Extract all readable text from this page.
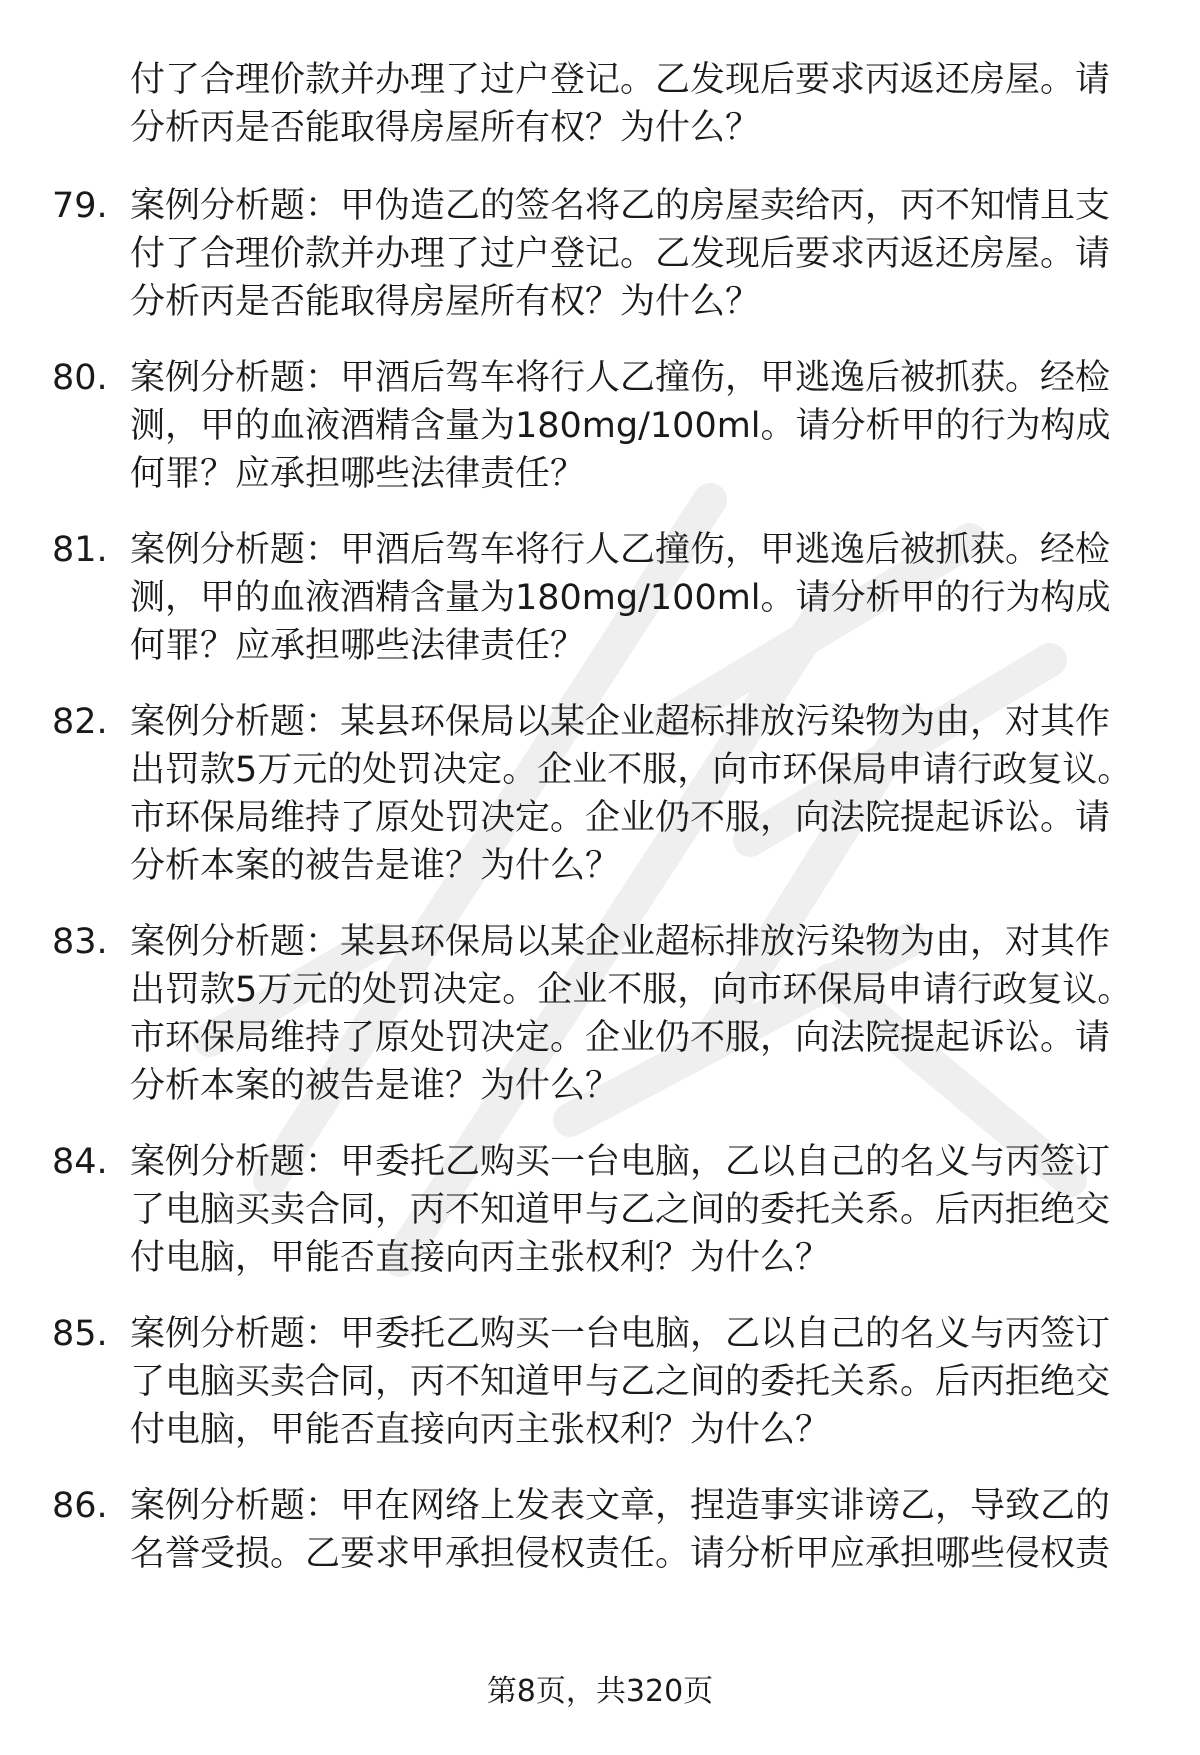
付了合理价款并办理了过户登记。乙发现后要求丙返还房屋。请分析丙是否能取得房屋所有权？为什么？
79. 案例分析题：甲伪造乙的签名将乙的房屋卖给丙，丙不知情且支付了合理价款并办理了过户登记。乙发现后要求丙返还房屋。请分析丙是否能取得房屋所有权？为什么？
80. 案例分析题：甲酒后驾车将行人乙撞伤，甲逃逸后被抓获。经检测，甲的血液酒精含量为180mg/100ml。请分析甲的行为构成何罪？应承担哪些法律责任？
81. 案例分析题：甲酒后驾车将行人乙撞伤，甲逃逸后被抓获。经检测，甲的血液酒精含量为180mg/100ml。请分析甲的行为构成何罪？应承担哪些法律责任？
82. 案例分析题：某县环保局以某企业超标排放污染物为由，对其作出罚款5万元的处罚决定。企业不服，向市环保局申请行政复议。市环保局维持了原处罚决定。企业仍不服，向法院提起诉讼。请分析本案的被告是谁？为什么？
83. 案例分析题：某县环保局以某企业超标排放污染物为由，对其作出罚款5万元的处罚决定。企业不服，向市环保局申请行政复议。市环保局维持了原处罚决定。企业仍不服，向法院提起诉讼。请分析本案的被告是谁？为什么？
84. 案例分析题：甲委托乙购买一台电脑，乙以自己的名义与丙签订了电脑买卖合同，丙不知道甲与乙之间的委托关系。后丙拒绝交付电脑，甲能否直接向丙主张权利？为什么？
85. 案例分析题：甲委托乙购买一台电脑，乙以自己的名义与丙签订了电脑买卖合同，丙不知道甲与乙之间的委托关系。后丙拒绝交付电脑，甲能否直接向丙主张权利？为什么？
86. 案例分析题：甲在网络上发表文章，捏造事实诽谤乙，导致乙的名誉受损。乙要求甲承担侵权责任。请分析甲应承担哪些侵权责
第8页，共320页
